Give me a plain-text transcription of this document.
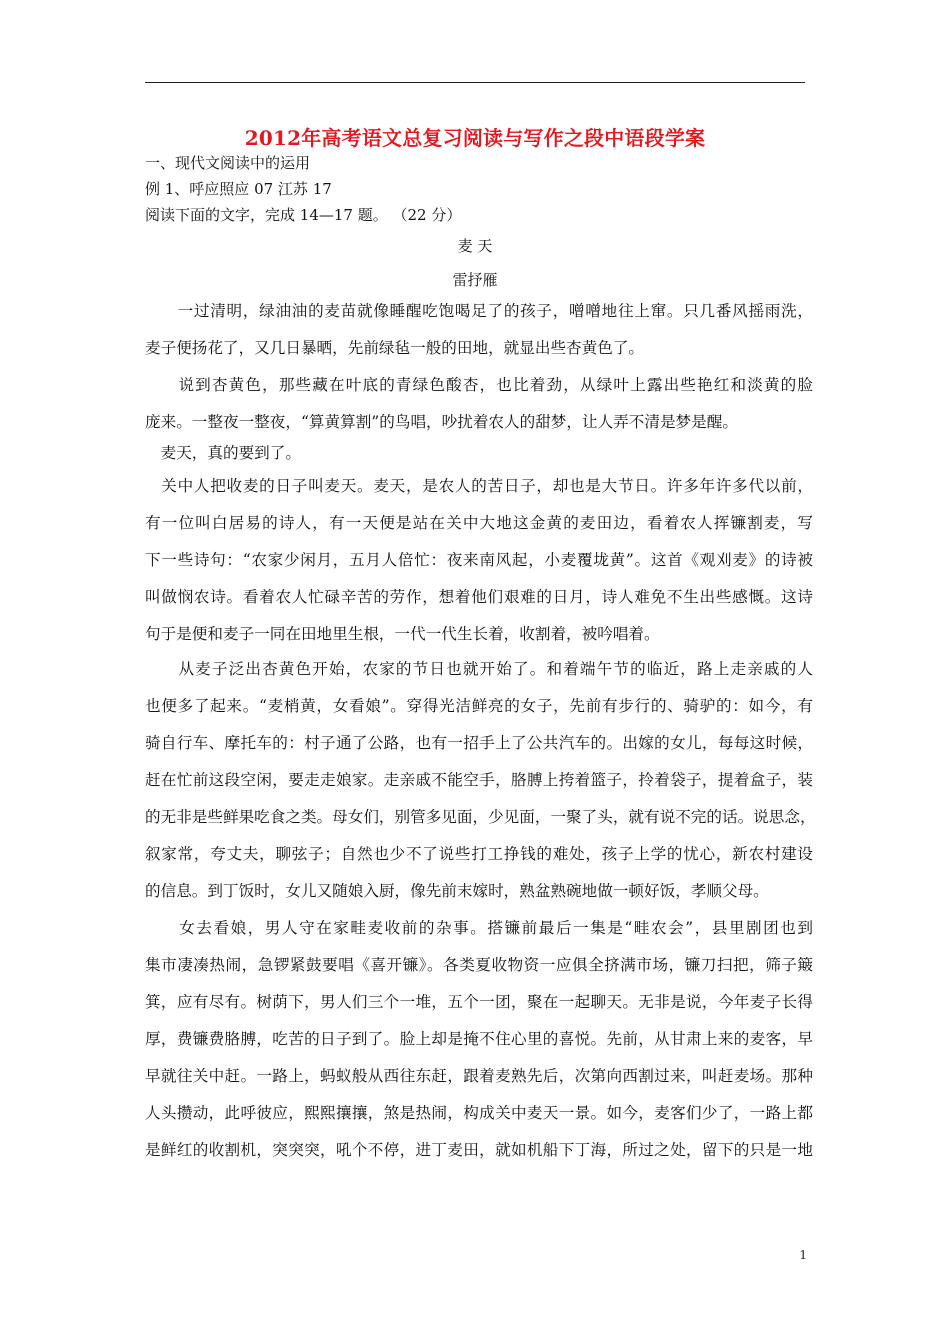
2012年高考语文总复习阅读与写作之段中语段学案
一、现代文阅读中的运用
例 1、呼应照应 07 江苏 17
阅读下面的文字，完成 14—17 题。 （22 分）
麦 天
雷抒雁
　　一过清明，绿油油的麦苗就像睡醒吃饱喝足了的孩子，噌噌地往上窜。只几番风摇雨洗，
麦子便扬花了，又几日暴晒，先前绿毡一般的田地，就显出些杏黄色了。
　　说到杏黄色，那些藏在叶底的青绿色酸杏，也比着劲，从绿叶上露出些艳红和淡黄的脸
庞来。一整夜一整夜，“算黄算割”的鸟唱，吵扰着农人的甜梦，让人弄不清是梦是醒。
　麦天，真的要到了。
　关中人把收麦的日子叫麦天。麦天，是农人的苦日子，却也是大节日。许多年许多代以前，
有一位叫白居易的诗人，有一天便是站在关中大地这金黄的麦田边，看着农人挥镰割麦，写
下一些诗句：“农家少闲月，五月人倍忙：夜来南风起，小麦覆垅黄”。这首《观刈麦》的诗被
叫做悯农诗。看着农人忙碌辛苦的劳作，想着他们艰难的日月，诗人难免不生出些感慨。这诗
句于是便和麦子一同在田地里生根，一代一代生长着，收割着，被吟唱着。
　　从麦子泛出杏黄色开始，农家的节日也就开始了。和着端午节的临近，路上走亲戚的人
也便多了起来。“麦梢黄，女看娘”。穿得光洁鲜亮的女子，先前有步行的、骑驴的：如今，有
骑自行车、摩托车的：村子通了公路，也有一招手上了公共汽车的。出嫁的女儿，每每这时候，
赶在忙前这段空闲，要走走娘家。走亲戚不能空手，胳膊上挎着篮子，拎着袋子，提着盒子，装
的无非是些鲜果吃食之类。母女们，别管多见面，少见面，一聚了头，就有说不完的话。说思念，
叙家常，夸丈夫，聊弦子；自然也少不了说些打工挣钱的难处，孩子上学的忧心，新农村建设
的信息。到丁饭时，女儿又随娘入厨，像先前末嫁时，熟盆熟碗地做一顿好饭，孝顺父母。
　　女去看娘，男人守在家畦麦收前的杂事。搭镰前最后一集是“畦农会”，县里剧团也到
集市凄凑热闹，急锣紧鼓要唱《喜开镰》。各类夏收物资一应俱全挤满市场，镰刀扫把，筛子簸
箕，应有尽有。树荫下，男人们三个一堆，五个一团，聚在一起聊天。无非是说，今年麦子长得
厚，费镰费胳膊，吃苦的日子到了。脸上却是掩不住心里的喜悦。先前，从甘肃上来的麦客，早
早就往关中赶。一路上，蚂蚁般从西往东赶，跟着麦熟先后，次第向西割过来，叫赶麦场。那种
人头攒动，此呼彼应，熙熙攘攘，煞是热闹，构成关中麦天一景。如今，麦客们少了，一路上都
是鲜红的收割机，突突突，吼个不停，进丁麦田，就如机船下丁海，所过之处，留下的只是一地
1
